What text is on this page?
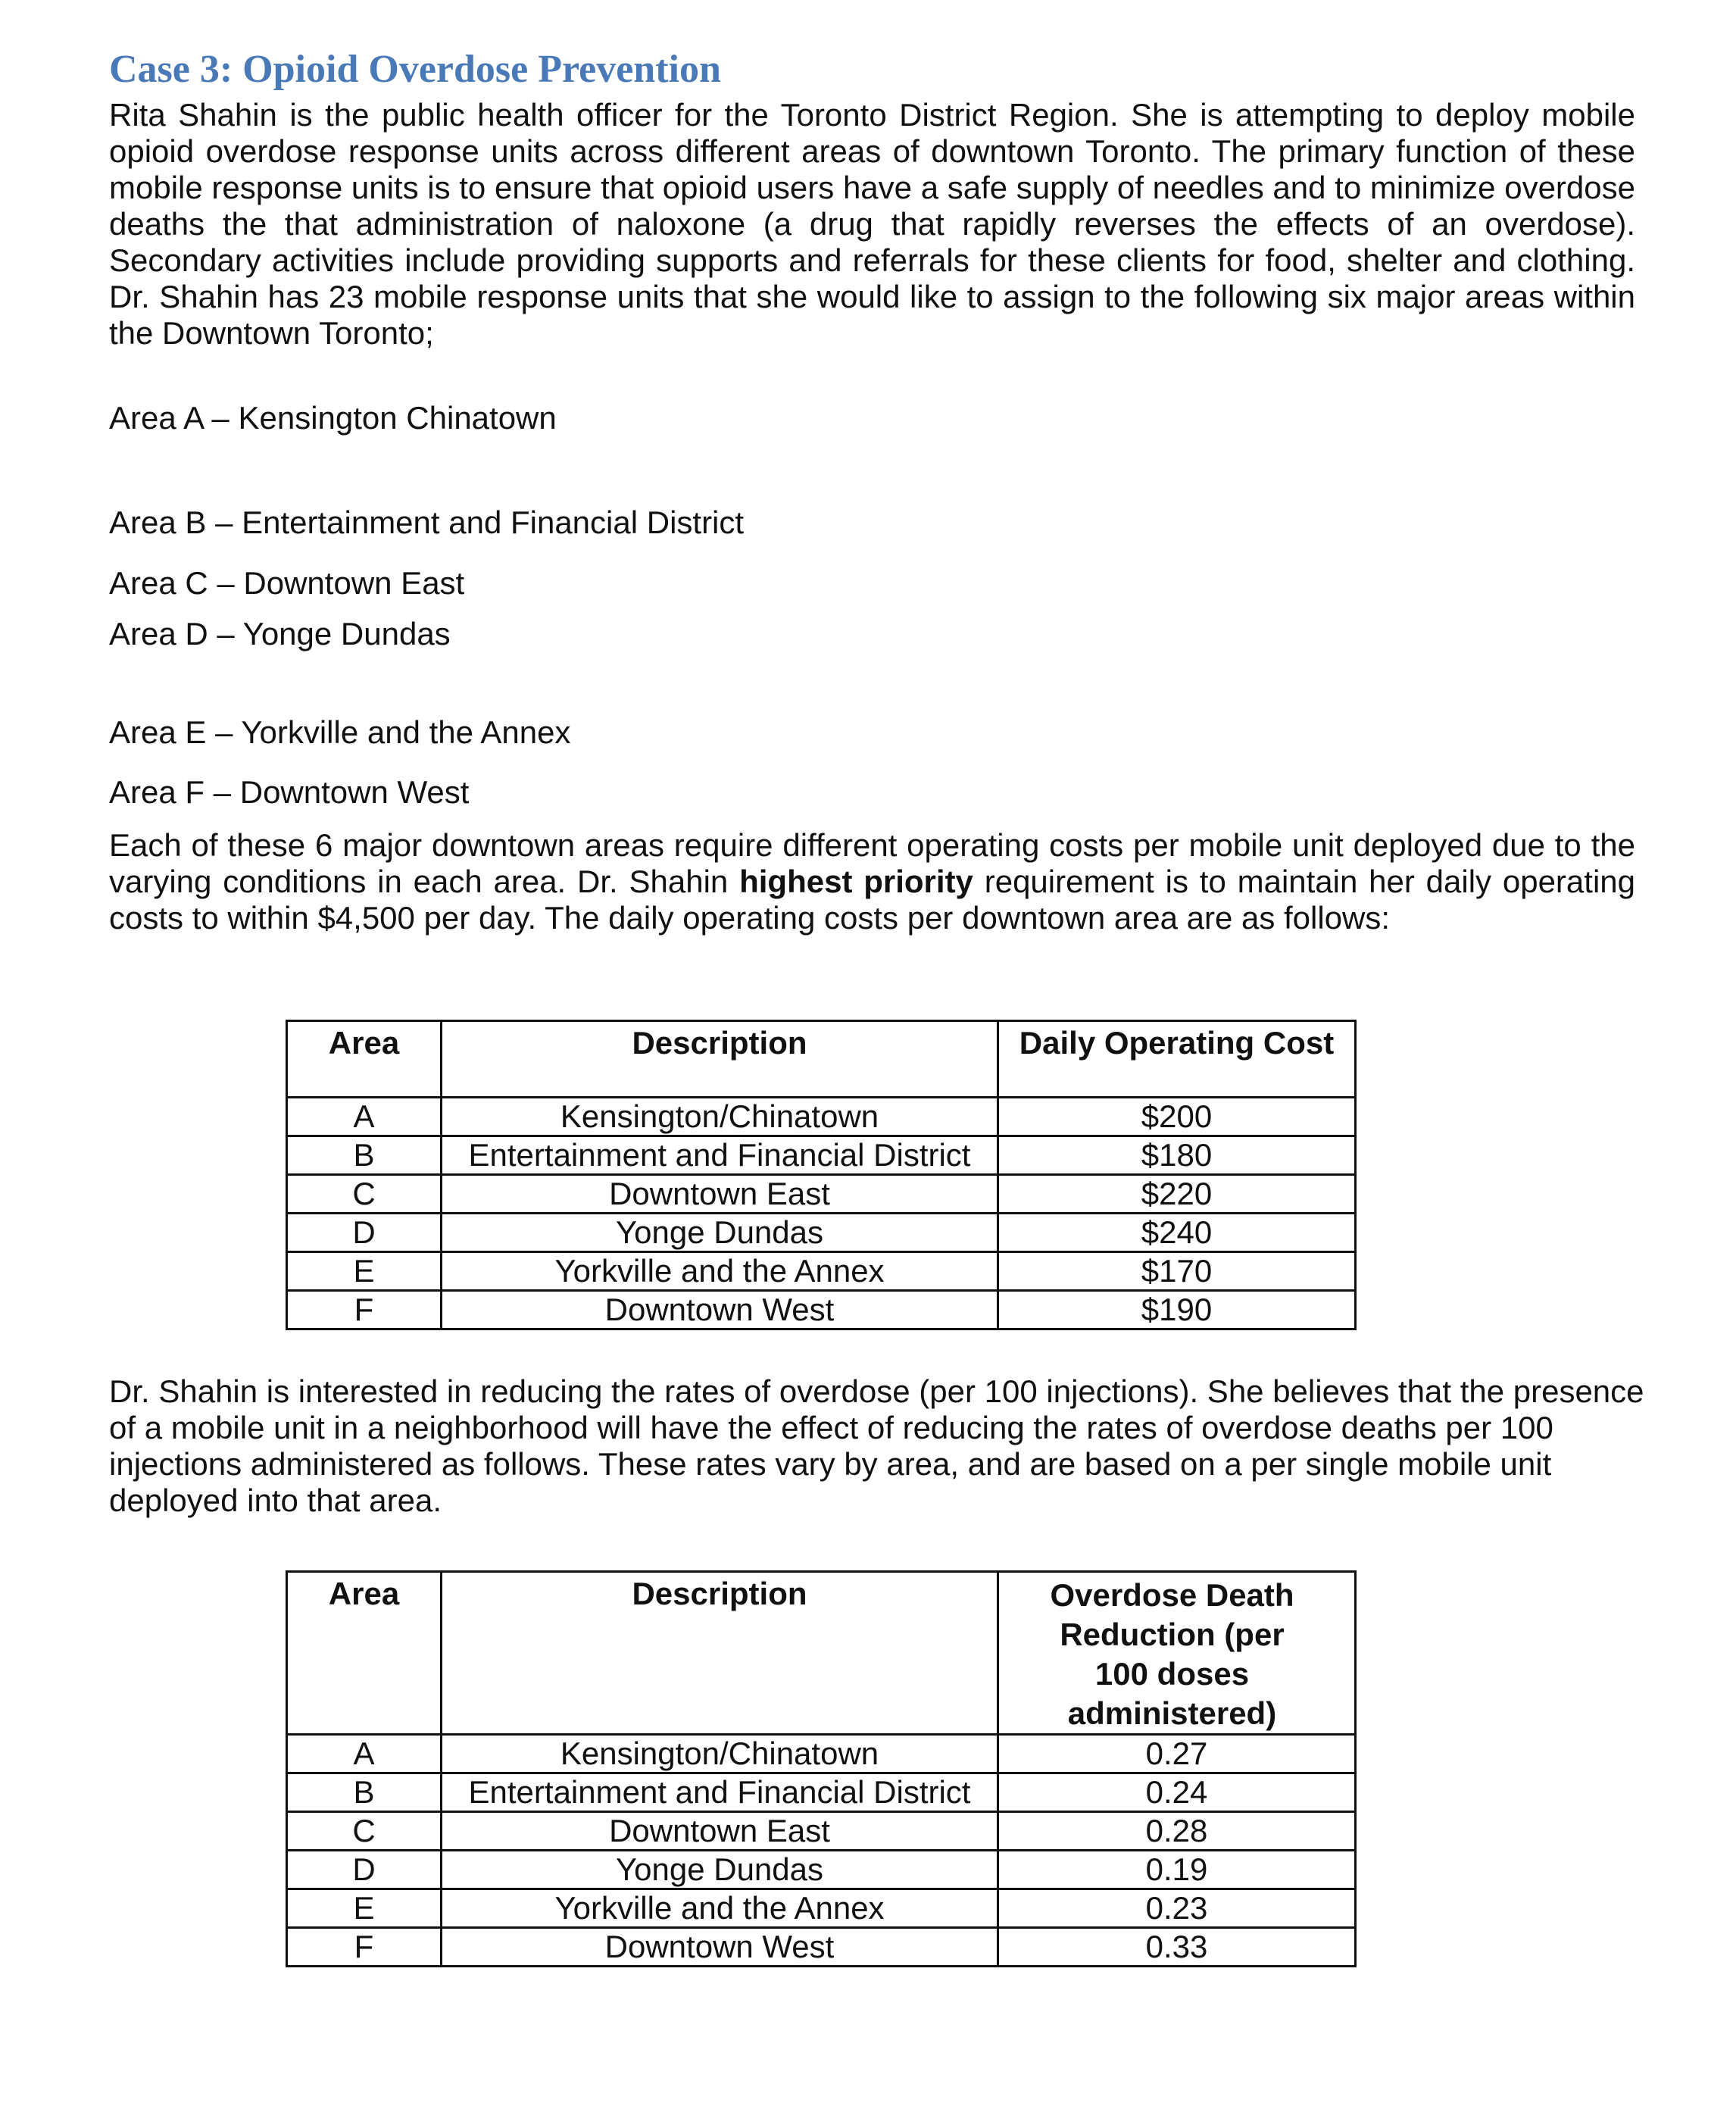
Case 3: Opioid Overdose Prevention

Rita Shahin is the public health officer for the Toronto District Region. She is attempting to deploy mobile opioid overdose response units across different areas of downtown Toronto. The primary function of these mobile response units is to ensure that opioid users have a safe supply of needles and to minimize overdose deaths the that administration of naloxone (a drug that rapidly reverses the effects of an overdose). Secondary activities include providing supports and referrals for these clients for food, shelter and clothing. Dr. Shahin has 23 mobile response units that she would like to assign to the following six major areas within the Downtown Toronto;

Area A – Kensington Chinatown

Area B – Entertainment and Financial District

Area C – Downtown East

Area D – Yonge Dundas

Area E – Yorkville and the Annex

Area F – Downtown West

Each of these 6 major downtown areas require different operating costs per mobile unit deployed due to the varying conditions in each area. Dr. Shahin highest priority requirement is to maintain her daily operating costs to within $4,500 per day. The daily operating costs per downtown area are as follows:

Area	Description	Daily Operating Cost
A	Kensington/Chinatown	$200
B	Entertainment and Financial District	$180
C	Downtown East	$220
D	Yonge Dundas	$240
E	Yorkville and the Annex	$170
F	Downtown West	$190

Dr. Shahin is interested in reducing the rates of overdose (per 100 injections). She believes that the presence of a mobile unit in a neighborhood will have the effect of reducing the rates of overdose deaths per 100 injections administered as follows. These rates vary by area, and are based on a per single mobile unit deployed into that area.

Area	Description	Overdose Death Reduction (per 100 doses administered)
A	Kensington/Chinatown	0.27
B	Entertainment and Financial District	0.24
C	Downtown East	0.28
D	Yonge Dundas	0.19
E	Yorkville and the Annex	0.23
F	Downtown West	0.33
